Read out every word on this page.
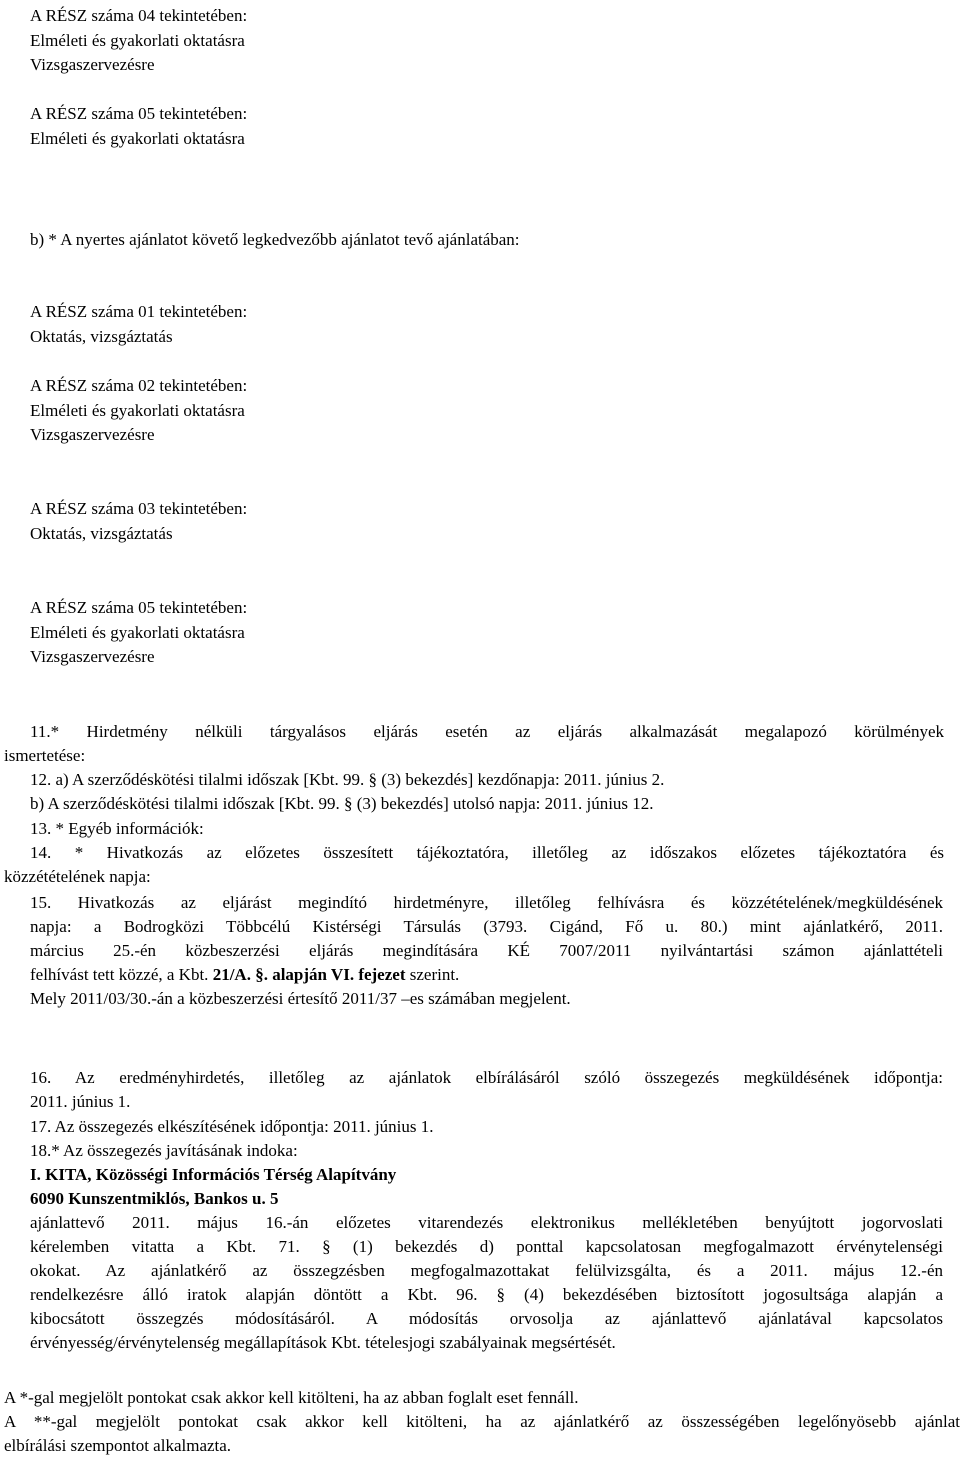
A RÉSZ száma 04 tekintetében:
Elméleti és gyakorlati oktatásra
Vizsgaszervezésre
A RÉSZ száma 05 tekintetében:
Elméleti és gyakorlati oktatásra
b) * A nyertes ajánlatot követő legkedvezőbb ajánlatot tevő ajánlatában:
A RÉSZ száma 01 tekintetében:
Oktatás, vizsgáztatás
A RÉSZ száma 02 tekintetében:
Elméleti és gyakorlati oktatásra
Vizsgaszervezésre
A RÉSZ száma 03 tekintetében:
Oktatás, vizsgáztatás
A RÉSZ száma 05 tekintetében:
Elméleti és gyakorlati oktatásra
Vizsgaszervezésre
11.* Hirdetmény nélküli tárgyalásos eljárás esetén az eljárás alkalmazását megalapozó körülmények
ismertetése:
12. a) A szerződéskötési tilalmi időszak [Kbt. 99. § (3) bekezdés] kezdőnapja: 2011. június 2.
b) A szerződéskötési tilalmi időszak [Kbt. 99. § (3) bekezdés] utolsó napja: 2011. június 12.
13. * Egyéb információk:
14. * Hivatkozás az előzetes összesített tájékoztatóra, illetőleg az időszakos előzetes tájékoztatóra és
közzétételének napja:
15. Hivatkozás az eljárást megindító hirdetményre, illetőleg felhívásra és közzétételének/megküldésének
napja: a Bodrogközi Többcélú Kistérségi Társulás (3793. Cigánd, Fő u. 80.) mint ajánlatkérő, 2011.
március 25.-én közbeszerzési eljárás megindítására KÉ 7007/2011 nyilvántartási számon ajánlattételi
felhívást tett közzé, a Kbt. 21/A. §. alapján VI. fejezet szerint.
Mely 2011/03/30.-án a közbeszerzési értesítő 2011/37 –es számában megjelent.
16. Az eredményhirdetés, illetőleg az ajánlatok elbírálásáról szóló összegezés megküldésének időpontja:
2011. június 1.
17. Az összegezés elkészítésének időpontja: 2011. június 1.
18.* Az összegezés javításának indoka:
I. KITA, Közösségi Információs Térség Alapítvány
6090 Kunszentmiklós, Bankos u. 5
ajánlattevő 2011. május 16.-án előzetes vitarendezés elektronikus mellékletében benyújtott jogorvoslati
kérelemben vitatta a Kbt. 71. § (1) bekezdés d) ponttal kapcsolatosan megfogalmazott érvénytelenségi
okokat. Az ajánlatkérő az összegzésben megfogalmazottakat felülvizsgálta, és a 2011. május 12.-én
rendelkezésre álló iratok alapján döntött a Kbt. 96. § (4) bekezdésében biztosított jogosultsága alapján a
kibocsátott összegzés módosításáról. A módosítás orvosolja az ajánlattevő ajánlatával kapcsolatos
érvényesség/érvénytelenség megállapítások Kbt. tételesjogi szabályainak megsértését.
A *-gal megjelölt pontokat csak akkor kell kitölteni, ha az abban foglalt eset fennáll.
A **-gal megjelölt pontokat csak akkor kell kitölteni, ha az ajánlatkérő az összességében legelőnyösebb ajánlat
elbírálási szempontot alkalmazta.
